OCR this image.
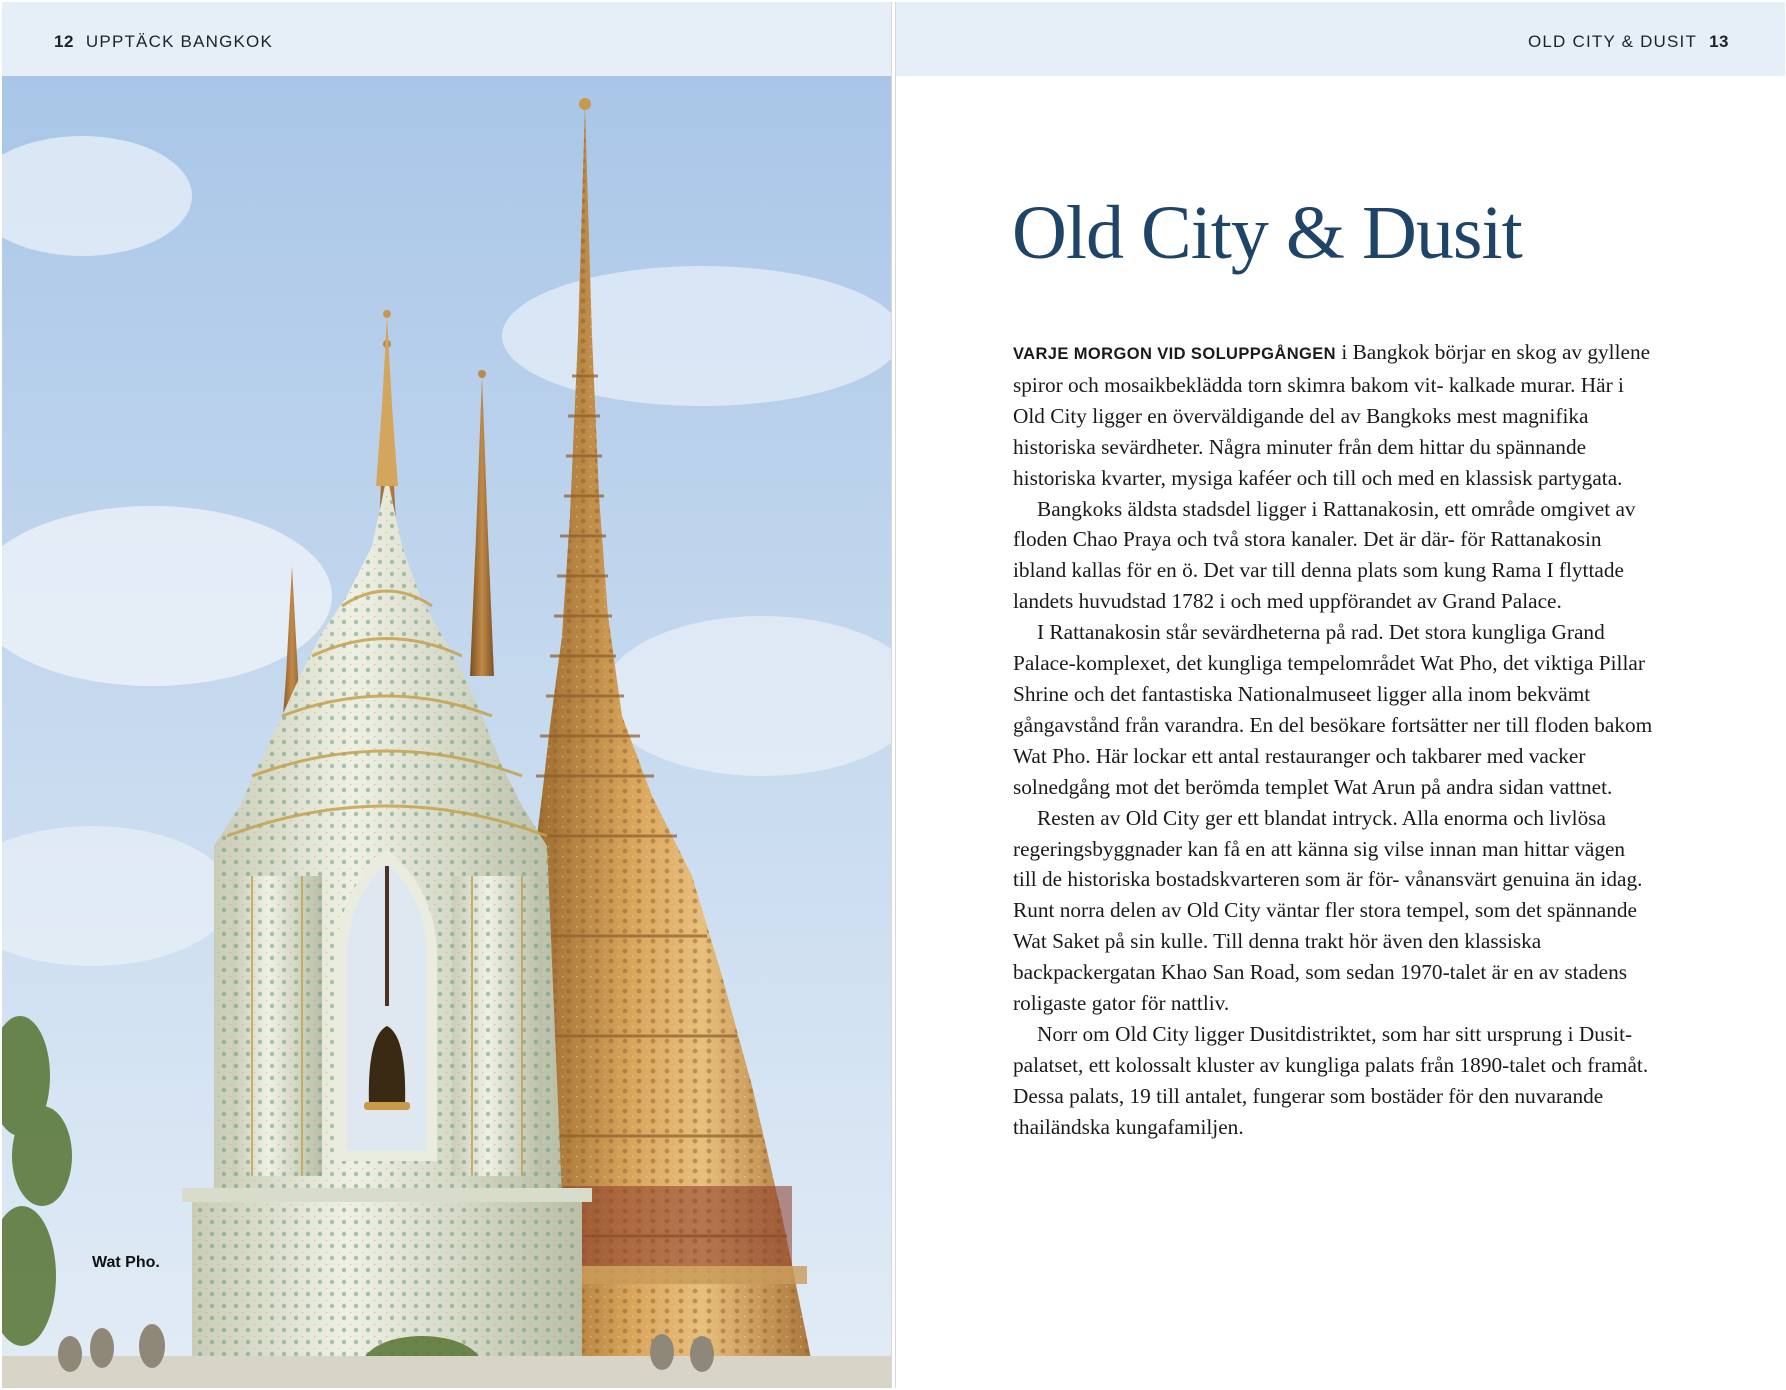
12 UPPTÄCK BANGKOK
Wat Pho.
OLD CITY & DUSIT 13
Old City & Dusit

VARJE MORGON VID SOLUPPGÅNGEN i Bangkok börjar en skog av gyllene spiror och mosaikbeklädda torn skimra bakom vit- kalkade murar. Här i Old City ligger en överväldigande del av Bangkoks mest magnifika historiska sevärdheter. Några minuter från dem hittar du spännande historiska kvarter, mysiga kaféer och till och med en klassisk partygata.

Bangkoks äldsta stadsdel ligger i Rattanakosin, ett område omgivet av floden Chao Praya och två stora kanaler. Det är där- för Rattanakosin ibland kallas för en ö. Det var till denna plats som kung Rama I flyttade landets huvudstad 1782 i och med uppförandet av Grand Palace.

I Rattanakosin står sevärdheterna på rad. Det stora kungliga Grand Palace-komplexet, det kungliga tempelområdet Wat Pho, det viktiga Pillar Shrine och det fantastiska Nationalmuseet ligger alla inom bekvämt gångavstånd från varandra. En del besökare fortsätter ner till floden bakom Wat Pho. Här lockar ett antal restauranger och takbarer med vacker solnedgång mot det berömda templet Wat Arun på andra sidan vattnet.

Resten av Old City ger ett blandat intryck. Alla enorma och livlösa regeringsbyggnader kan få en att känna sig vilse innan man hittar vägen till de historiska bostadskvarteren som är för- vånansvärt genuina än idag. Runt norra delen av Old City väntar fler stora tempel, som det spännande Wat Saket på sin kulle. Till denna trakt hör även den klassiska backpackergatan Khao San Road, som sedan 1970-talet är en av stadens roligaste gator för nattliv.

Norr om Old City ligger Dusitdistriktet, som har sitt ursprung i Dusit-palatset, ett kolossalt kluster av kungliga palats från 1890-talet och framåt. Dessa palats, 19 till antalet, fungerar som bostäder för den nuvarande thailändska kungafamiljen.
